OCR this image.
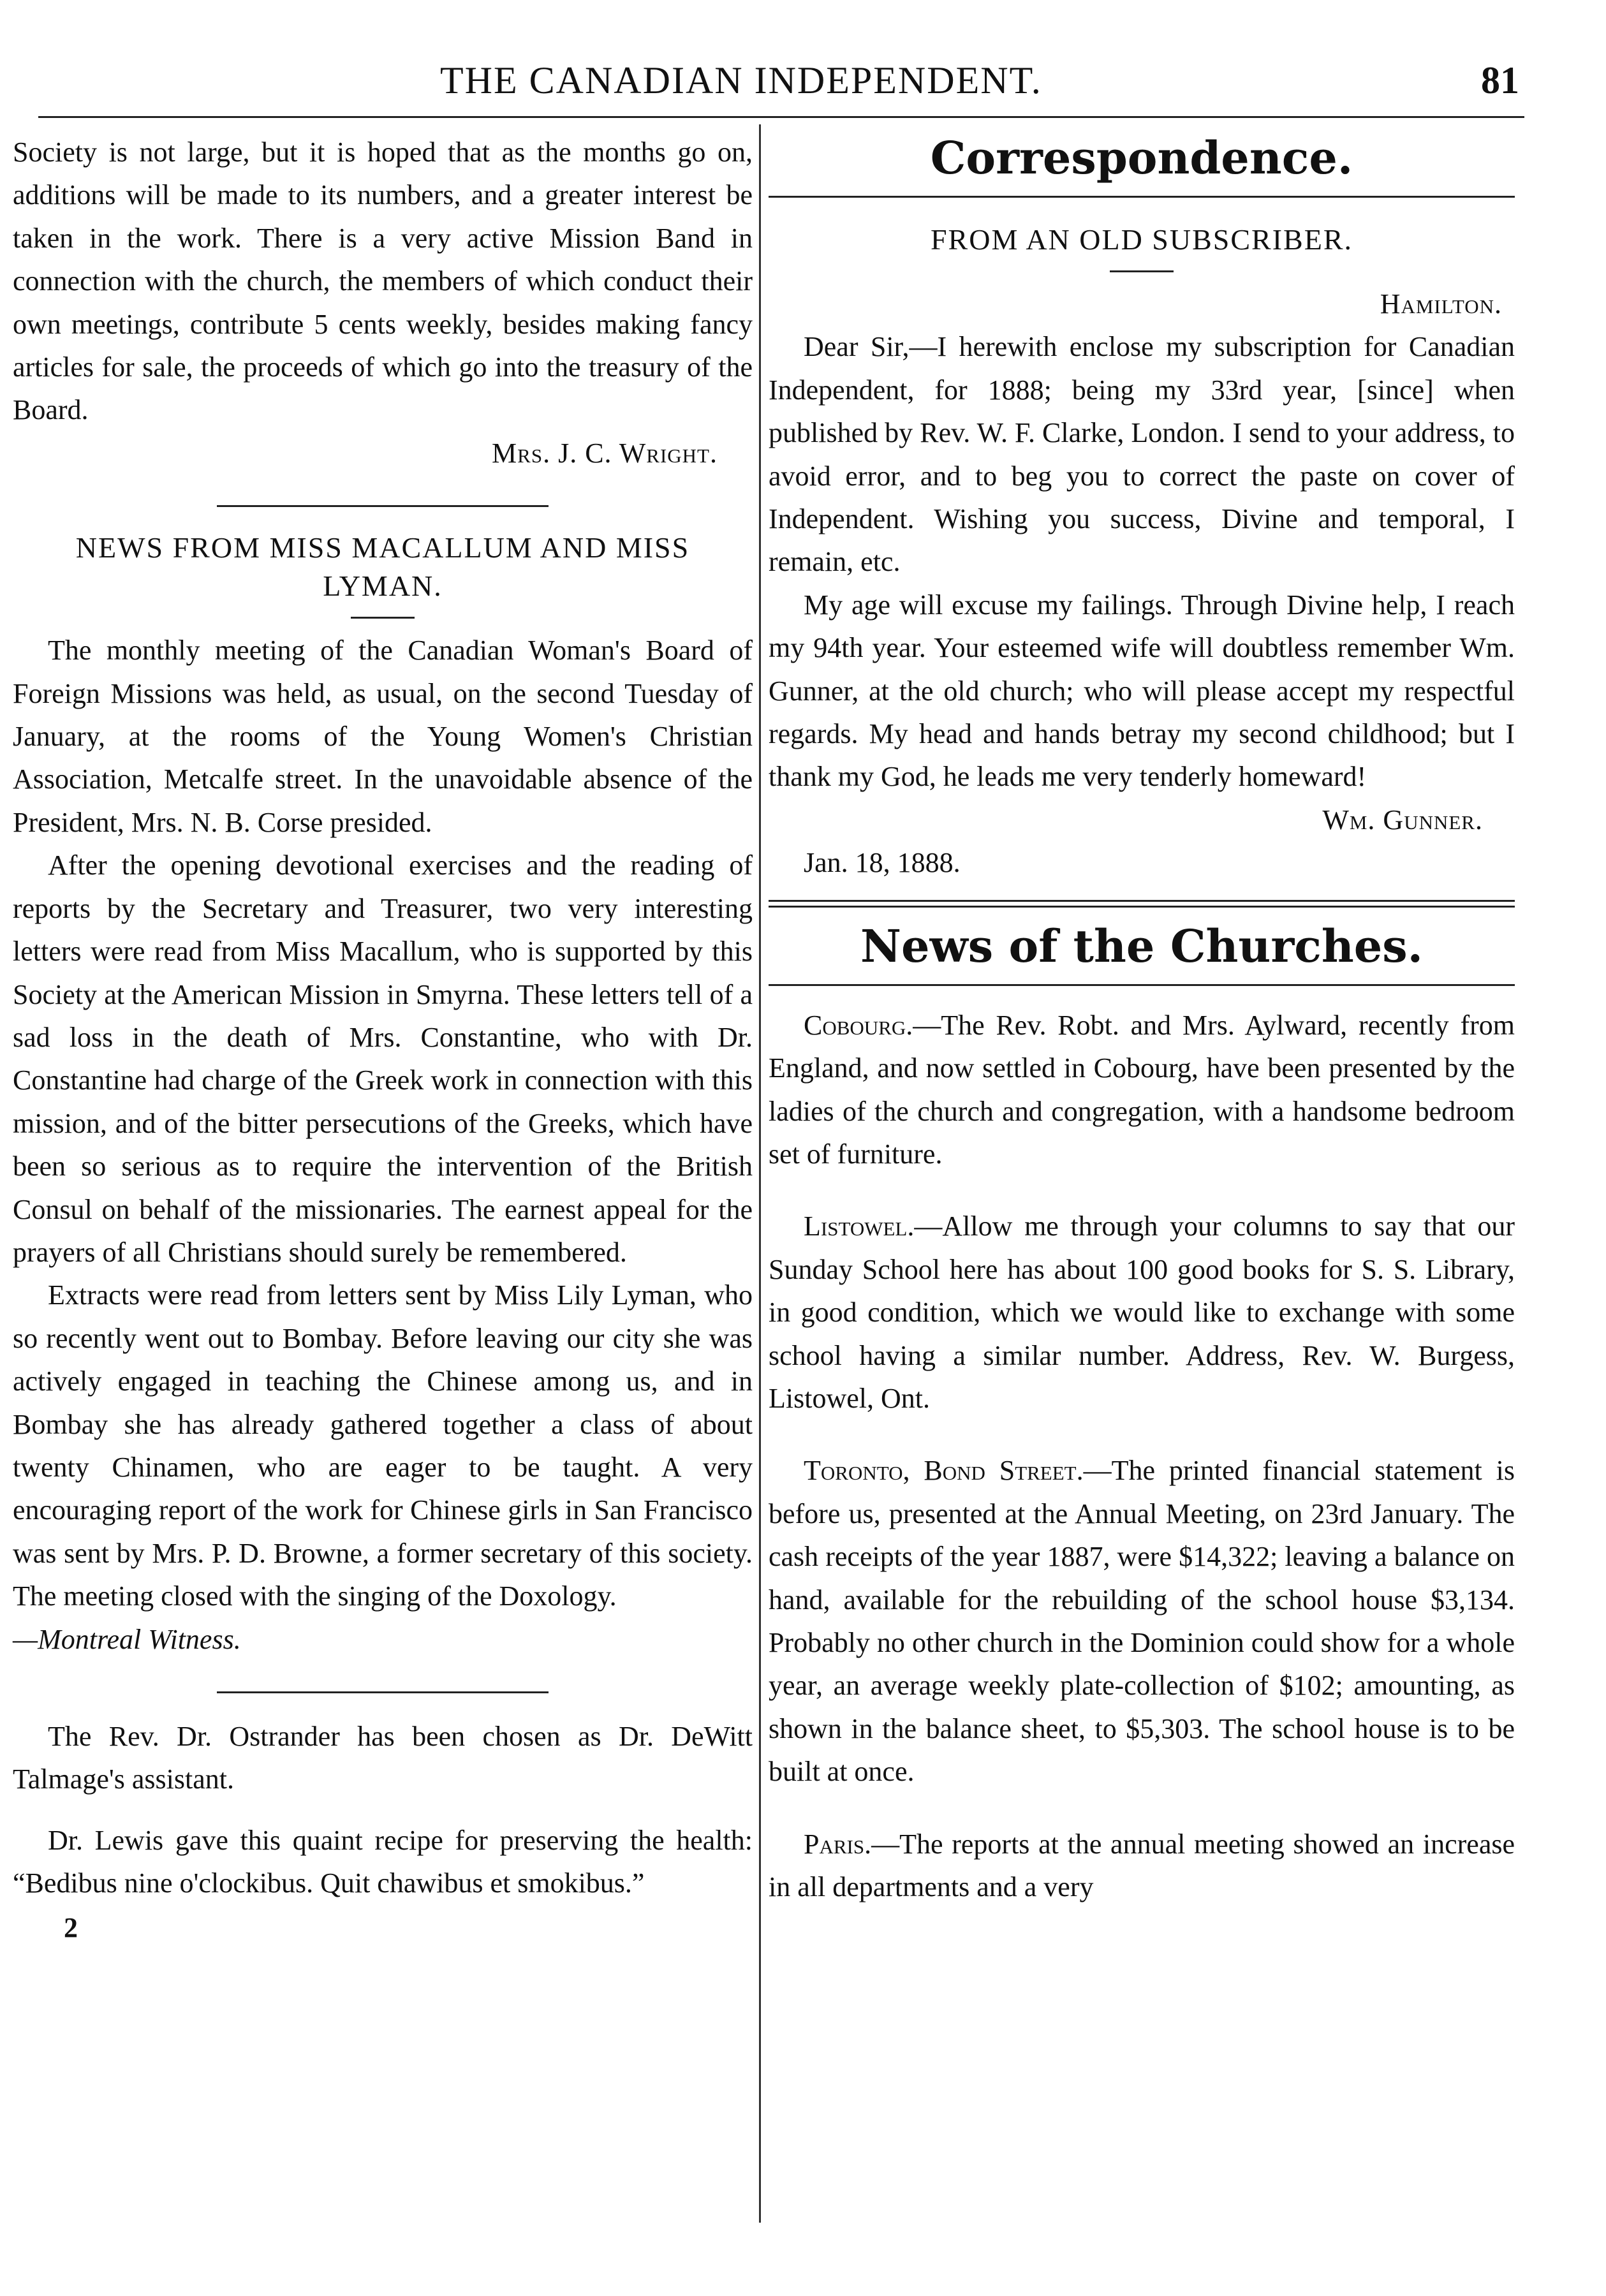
THE CANADIAN INDEPENDENT.	81

Society is not large, but it is hoped that as the months go on, additions will be made to its numbers, and a greater interest be taken in the work. There is a very active Mission Band in connection with the church, the members of which conduct their own meetings, contribute 5 cents weekly, besides making fancy articles for sale, the proceeds of which go into the treasury of the Board.

Mrs. J. C. Wright.

NEWS FROM MISS MACALLUM AND MISS LYMAN.

The monthly meeting of the Canadian Woman's Board of Foreign Missions was held, as usual, on the second Tuesday of January, at the rooms of the Young Women's Christian Association, Metcalfe street. In the unavoidable absence of the President, Mrs. N. B. Corse presided.

After the opening devotional exercises and the reading of reports by the Secretary and Treasurer, two very interesting letters were read from Miss Macallum, who is supported by this Society at the American Mission in Smyrna. These letters tell of a sad loss in the death of Mrs. Constantine, who with Dr. Constantine had charge of the Greek work in connection with this mission, and of the bitter persecutions of the Greeks, which have been so serious as to require the intervention of the British Consul on behalf of the missionaries. The earnest appeal for the prayers of all Christians should surely be remembered.

Extracts were read from letters sent by Miss Lily Lyman, who so recently went out to Bombay. Before leaving our city she was actively engaged in teaching the Chinese among us, and in Bombay she has already gathered together a class of about twenty Chinamen, who are eager to be taught. A very encouraging report of the work for Chinese girls in San Francisco was sent by Mrs. P. D. Browne, a former secretary of this society. The meeting closed with the singing of the Doxology.

—Montreal Witness.

The Rev. Dr. Ostrander has been chosen as Dr. DeWitt Talmage's assistant.

Dr. Lewis gave this quaint recipe for preserving the health: “Bedibus nine o'clockibus. Quit chawibus et smokibus.”

2

Correspondence.

FROM AN OLD SUBSCRIBER.

Hamilton.

Dear Sir,—I herewith enclose my subscription for Canadian Independent, for 1888; being my 33rd year, [since] when published by Rev. W. F. Clarke, London. I send to your address, to avoid error, and to beg you to correct the paste on cover of Independent. Wishing you success, Divine and temporal, I remain, etc.

My age will excuse my failings. Through Divine help, I reach my 94th year. Your esteemed wife will doubtless remember Wm. Gunner, at the old church; who will please accept my respectful regards. My head and hands betray my second childhood; but I thank my God, he leads me very tenderly homeward!

Wm. Gunner.

Jan. 18, 1888.

News of the Churches.

Cobourg.—The Rev. Robt. and Mrs. Aylward, recently from England, and now settled in Cobourg, have been presented by the ladies of the church and congregation, with a handsome bedroom set of furniture.

Listowel.—Allow me through your columns to say that our Sunday School here has about 100 good books for S. S. Library, in good condition, which we would like to exchange with some school having a similar number. Address, Rev. W. Burgess, Listowel, Ont.

Toronto, Bond Street.—The printed financial statement is before us, presented at the Annual Meeting, on 23rd January. The cash receipts of the year 1887, were $14,322; leaving a balance on hand, available for the rebuilding of the school house $3,134. Probably no other church in the Dominion could show for a whole year, an average weekly plate-collection of $102; amounting, as shown in the balance sheet, to $5,303. The school house is to be built at once.

Paris.—The reports at the annual meeting showed an increase in all departments and a very
